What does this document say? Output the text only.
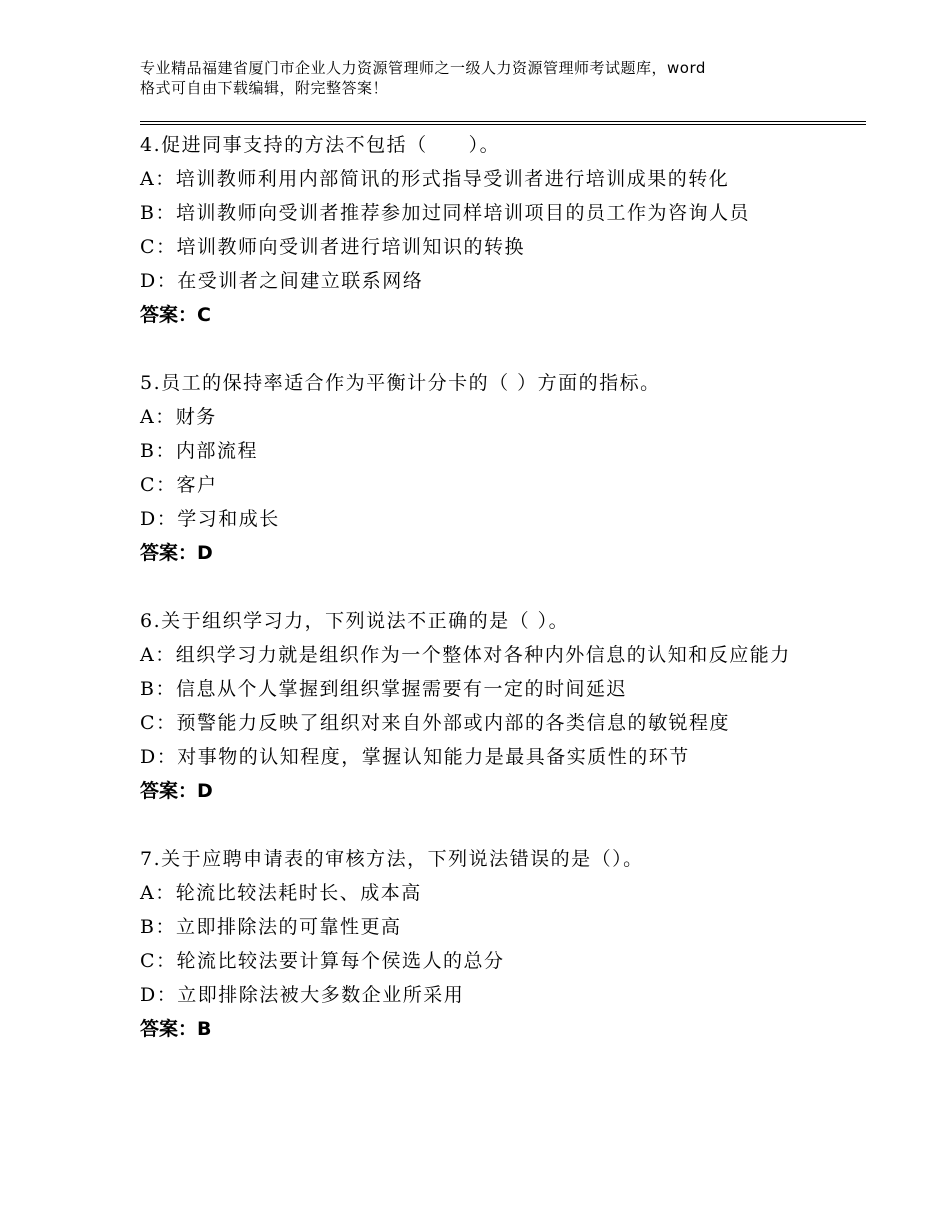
专业精品福建省厦门市企业人力资源管理师之一级人力资源管理师考试题库，word
格式可自由下载编辑，附完整答案！
4.促进同事支持的方法不包括（　　）。
A：培训教师利用内部简讯的形式指导受训者进行培训成果的转化
B：培训教师向受训者推荐参加过同样培训项目的员工作为咨询人员
C：培训教师向受训者进行培训知识的转换
D：在受训者之间建立联系网络
答案：C
5.员工的保持率适合作为平衡计分卡的（ ）方面的指标。
A：财务
B：内部流程
C：客户
D：学习和成长
答案：D
6.关于组织学习力，下列说法不正确的是（ ）。
A：组织学习力就是组织作为一个整体对各种内外信息的认知和反应能力
B：信息从个人掌握到组织掌握需要有一定的时间延迟
C：预警能力反映了组织对来自外部或内部的各类信息的敏锐程度
D：对事物的认知程度，掌握认知能力是最具备实质性的环节
答案：D
7.关于应聘申请表的审核方法，下列说法错误的是（）。
A：轮流比较法耗时长、成本高
B：立即排除法的可靠性更高
C：轮流比较法要计算每个侯选人的总分
D：立即排除法被大多数企业所采用
答案：B
